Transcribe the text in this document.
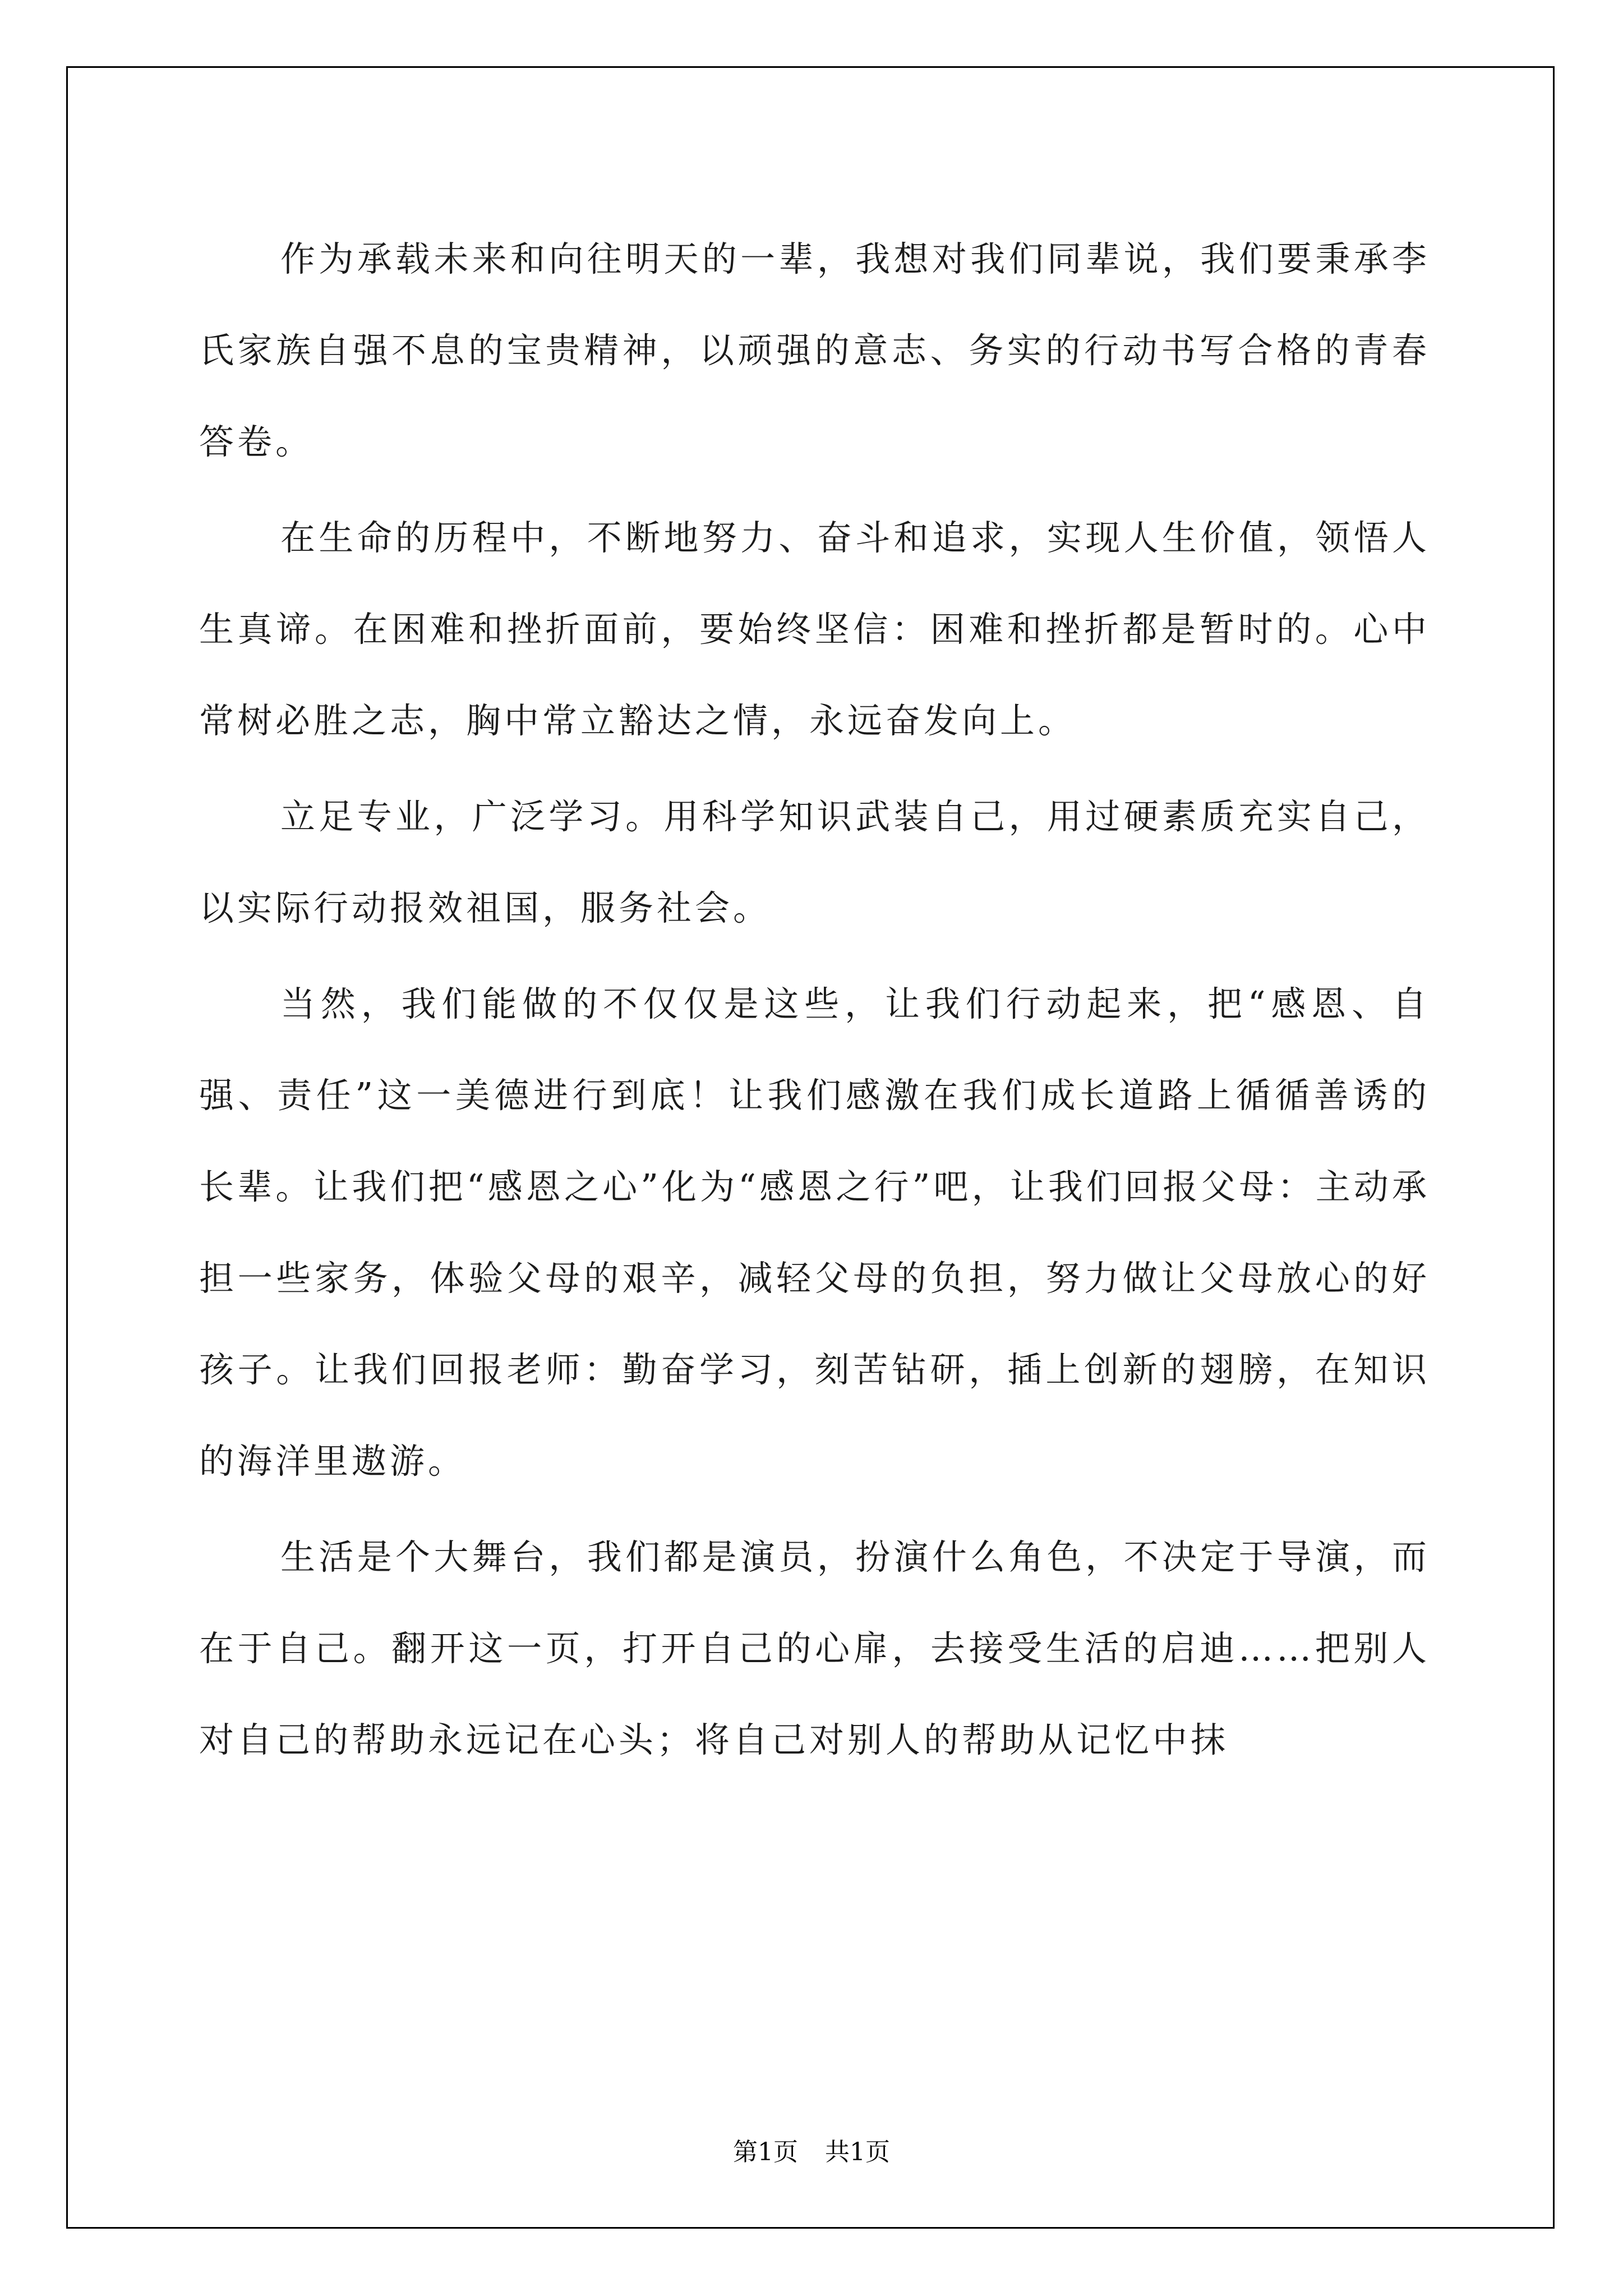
作为承载未来和向往明天的一辈，我想对我们同辈说，我们要秉承李氏家族自强不息的宝贵精神，以顽强的意志、务实的行动书写合格的青春答卷。

在生命的历程中，不断地努力、奋斗和追求，实现人生价值，领悟人生真谛。在困难和挫折面前，要始终坚信：困难和挫折都是暂时的。心中常树必胜之志，胸中常立豁达之情，永远奋发向上。

立足专业，广泛学习。用科学知识武装自己，用过硬素质充实自己，以实际行动报效祖国，服务社会。

当然，我们能做的不仅仅是这些，让我们行动起来，把“感恩、自强、责任”这一美德进行到底！让我们感激在我们成长道路上循循善诱的长辈。让我们把“感恩之心”化为“感恩之行”吧，让我们回报父母：主动承担一些家务，体验父母的艰辛，减轻父母的负担，努力做让父母放心的好孩子。让我们回报老师：勤奋学习，刻苦钻研，插上创新的翅膀，在知识的海洋里遨游。

生活是个大舞台，我们都是演员，扮演什么角色，不决定于导演，而在于自己。翻开这一页，打开自己的心扉，去接受生活的启迪……把别人对自己的帮助永远记在心头；将自己对别人的帮助从记忆中抹

第1页 共1页
